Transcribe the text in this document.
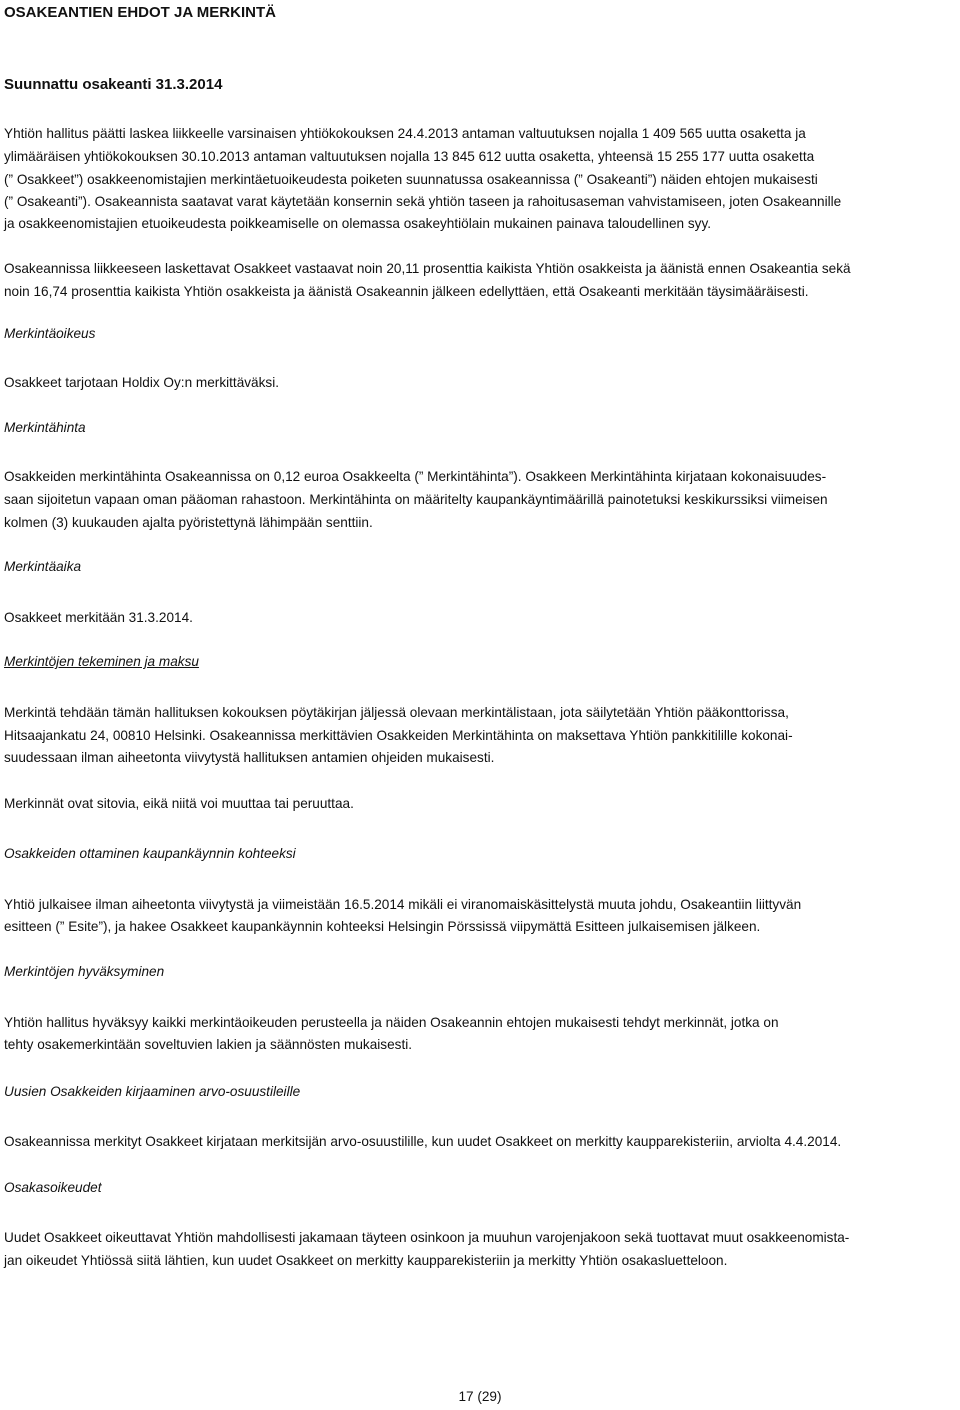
OSAKEANTIEN EHDOT JA MERKINTÄ
Suunnattu osakeanti 31.3.2014
Yhtiön hallitus päätti laskea liikkeelle varsinaisen yhtiökokouksen 24.4.2013 antaman valtuutuksen nojalla 1 409 565 uutta osaketta ja
ylimääräisen yhtiökokouksen 30.10.2013 antaman valtuutuksen nojalla 13 845 612 uutta osaketta, yhteensä 15 255 177 uutta osaketta
(” Osakkeet”) osakkeenomistajien merkintäetuoikeudesta poiketen suunnatussa osakeannissa (” Osakeanti”) näiden ehtojen mukaisesti
(” Osakeanti”). Osakeannista saatavat varat käytetään konsernin sekä yhtiön taseen ja rahoitusaseman vahvistamiseen, joten Osakeannille
ja osakkeenomistajien etuoikeudesta poikkeamiselle on olemassa osakeyhtiölain mukainen painava taloudellinen syy.
Osakeannissa liikkeeseen laskettavat Osakkeet vastaavat noin 20,11 prosenttia kaikista Yhtiön osakkeista ja äänistä ennen Osakeantia sekä
noin 16,74 prosenttia kaikista Yhtiön osakkeista ja äänistä Osakeannin jälkeen edellyttäen, että Osakeanti merkitään täysimääräisesti.
Merkintäoikeus
Osakkeet tarjotaan Holdix Oy:n merkittäväksi.
Merkintähinta
Osakkeiden merkintähinta Osakeannissa on 0,12 euroa Osakkeelta (” Merkintähinta”). Osakkeen Merkintähinta kirjataan kokonaisuudes-
saan sijoitetun vapaan oman pääoman rahastoon. Merkintähinta on määritelty kaupankäyntimäärillä painotetuksi keskikurssiksi viimeisen
kolmen (3) kuukauden ajalta pyöristettynä lähimpään senttiin.
Merkintäaika
Osakkeet merkitään 31.3.2014.
Merkintöjen tekeminen ja maksu
Merkintä tehdään tämän hallituksen kokouksen pöytäkirjan jäljessä olevaan merkintälistaan, jota säilytetään Yhtiön pääkonttorissa,
Hitsaajankatu 24, 00810 Helsinki. Osakeannissa merkittävien Osakkeiden Merkintähinta on maksettava Yhtiön pankkitilille kokonai-
suudessaan ilman aiheetonta viivytystä hallituksen antamien ohjeiden mukaisesti.
Merkinnät ovat sitovia, eikä niitä voi muuttaa tai peruuttaa.
Osakkeiden ottaminen kaupankäynnin kohteeksi
Yhtiö julkaisee ilman aiheetonta viivytystä ja viimeistään 16.5.2014 mikäli ei viranomaiskäsittelystä muuta johdu, Osakeantiin liittyvän
esitteen (” Esite”), ja hakee Osakkeet kaupankäynnin kohteeksi Helsingin Pörssissä viipymättä Esitteen julkaisemisen jälkeen.
Merkintöjen hyväksyminen
Yhtiön hallitus hyväksyy kaikki merkintäoikeuden perusteella ja näiden Osakeannin ehtojen mukaisesti tehdyt merkinnät, jotka on
tehty osakemerkintään soveltuvien lakien ja säännösten mukaisesti.
Uusien Osakkeiden kirjaaminen arvo-osuustileille
Osakeannissa merkityt Osakkeet kirjataan merkitsijän arvo-osuustilille, kun uudet Osakkeet on merkitty kaupparekisteriin, arviolta 4.4.2014.
Osakasoikeudet
Uudet Osakkeet oikeuttavat Yhtiön mahdollisesti jakamaan täyteen osinkoon ja muuhun varojenjakoon sekä tuottavat muut osakkeenomista-
jan oikeudet Yhtiössä siitä lähtien, kun uudet Osakkeet on merkitty kaupparekisteriin ja merkitty Yhtiön osakasluetteloon.
17 (29)
